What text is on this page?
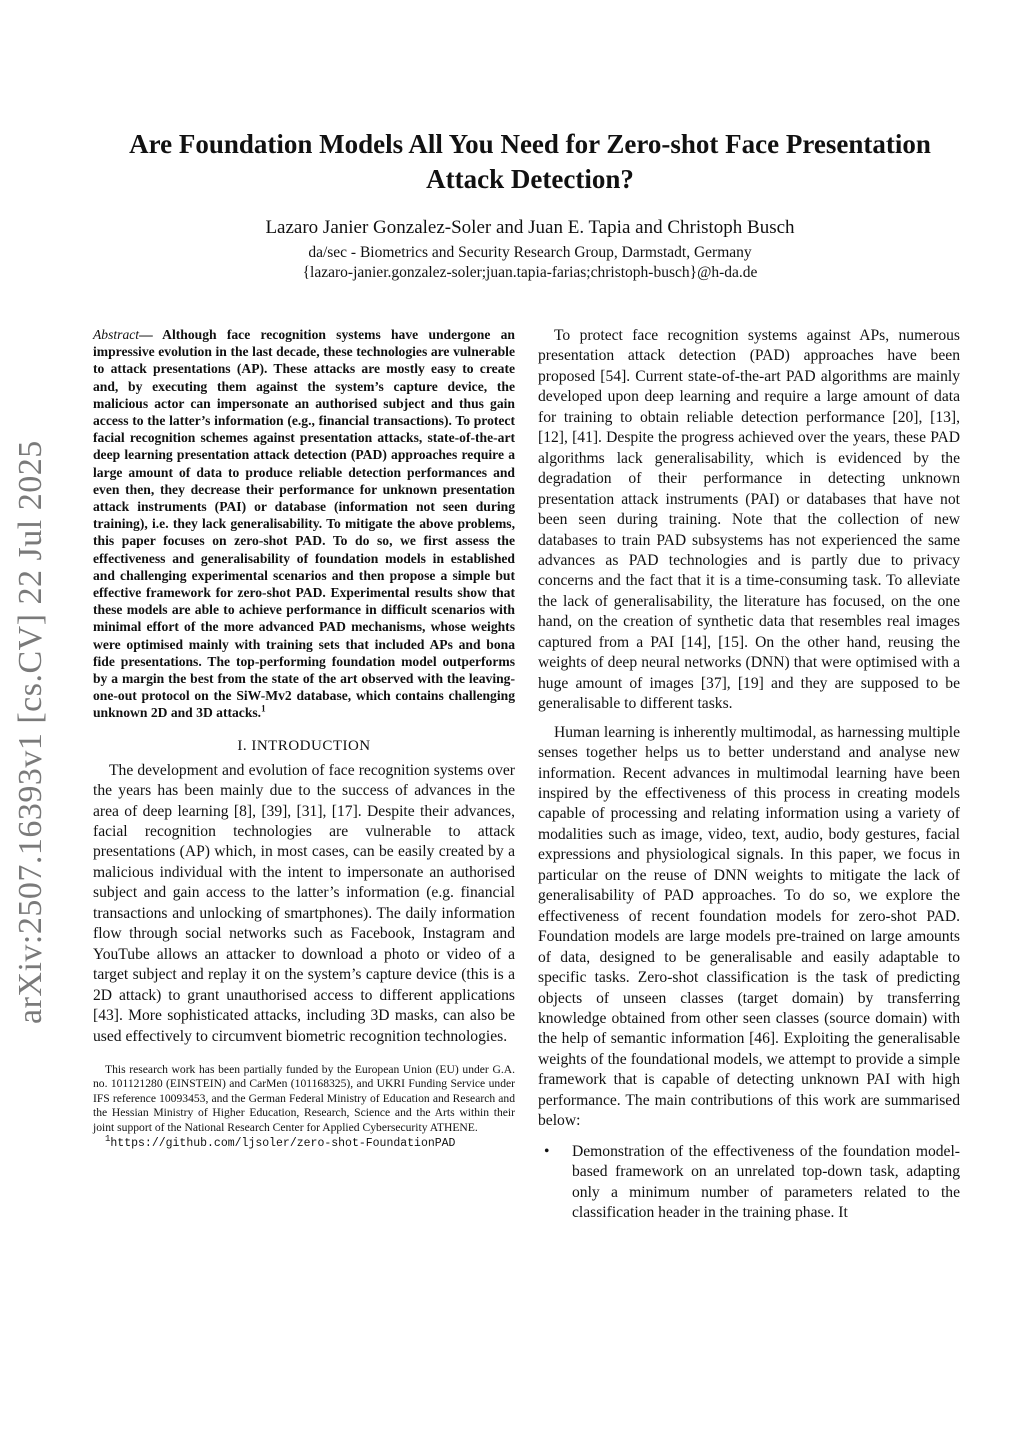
arXiv:2507.16393v1 [cs.CV] 22 Jul 2025
Are Foundation Models All You Need for Zero-shot Face Presentation Attack Detection?
Lazaro Janier Gonzalez-Soler and Juan E. Tapia and Christoph Busch
da/sec - Biometrics and Security Research Group, Darmstadt, Germany
{lazaro-janier.gonzalez-soler;juan.tapia-farias;christoph-busch}@h-da.de

Abstract— Although face recognition systems have undergone an impressive evolution in the last decade, these technologies are vulnerable to attack presentations (AP). These attacks are mostly easy to create and, by executing them against the system’s capture device, the malicious actor can impersonate an authorised subject and thus gain access to the latter’s information (e.g., financial transactions). To protect facial recognition schemes against presentation attacks, state-of-the-art deep learning presentation attack detection (PAD) approaches require a large amount of data to produce reliable detection performances and even then, they decrease their performance for unknown presentation attack instruments (PAI) or database (information not seen during training), i.e. they lack generalisability. To mitigate the above problems, this paper focuses on zero-shot PAD. To do so, we first assess the effectiveness and generalisability of foundation models in established and challenging experimental scenarios and then propose a simple but effective framework for zero-shot PAD. Experimental results show that these models are able to achieve performance in difficult scenarios with minimal effort of the more advanced PAD mechanisms, whose weights were optimised mainly with training sets that included APs and bona fide presentations. The top-performing foundation model outperforms by a margin the best from the state of the art observed with the leaving-one-out protocol on the SiW-Mv2 database, which contains challenging unknown 2D and 3D attacks.$^1$

I. INTRODUCTION

The development and evolution of face recognition systems over the years has been mainly due to the success of advances in the area of deep learning [8], [39], [31], [17]. Despite their advances, facial recognition technologies are vulnerable to attack presentations (AP) which, in most cases, can be easily created by a malicious individual with the intent to impersonate an authorised subject and gain access to the latter’s information (e.g. financial transactions and unlocking of smartphones). The daily information flow through social networks such as Facebook, Instagram and YouTube allows an attacker to download a photo or video of a target subject and replay it on the system’s capture device (this is a 2D attack) to grant unauthorised access to different applications [43]. More sophisticated attacks, including 3D masks, can also be used effectively to circumvent biometric recognition technologies.

This research work has been partially funded by the European Union (EU) under G.A. no. 101121280 (EINSTEIN) and CarMen (101168325), and UKRI Funding Service under IFS reference 10093453, and the German Federal Ministry of Education and Research and the Hessian Ministry of Higher Education, Research, Science and the Arts within their joint support of the National Research Center for Applied Cybersecurity ATHENE.

$^1$https://github.com/ljsoler/zero-shot-FoundationPAD

To protect face recognition systems against APs, numerous presentation attack detection (PAD) approaches have been proposed [54]. Current state-of-the-art PAD algorithms are mainly developed upon deep learning and require a large amount of data for training to obtain reliable detection performance [20], [13], [12], [41]. Despite the progress achieved over the years, these PAD algorithms lack generalisability, which is evidenced by the degradation of their performance in detecting unknown presentation attack instruments (PAI) or databases that have not been seen during training. Note that the collection of new databases to train PAD subsystems has not experienced the same advances as PAD technologies and is partly due to privacy concerns and the fact that it is a time-consuming task. To alleviate the lack of generalisability, the literature has focused, on the one hand, on the creation of synthetic data that resembles real images captured from a PAI [14], [15]. On the other hand, reusing the weights of deep neural networks (DNN) that were optimised with a huge amount of images [37], [19] and they are supposed to be generalisable to different tasks.

Human learning is inherently multimodal, as harnessing multiple senses together helps us to better understand and analyse new information. Recent advances in multimodal learning have been inspired by the effectiveness of this process in creating models capable of processing and relating information using a variety of modalities such as image, video, text, audio, body gestures, facial expressions and physiological signals. In this paper, we focus in particular on the reuse of DNN weights to mitigate the lack of generalisability of PAD approaches. To do so, we explore the effectiveness of recent foundation models for zero-shot PAD. Foundation models are large models pre-trained on large amounts of data, designed to be generalisable and easily adaptable to specific tasks. Zero-shot classification is the task of predicting objects of unseen classes (target domain) by transferring knowledge obtained from other seen classes (source domain) with the help of semantic information [46]. Exploiting the generalisable weights of the foundational models, we attempt to provide a simple framework that is capable of detecting unknown PAI with high performance. The main contributions of this work are summarised below:

• Demonstration of the effectiveness of the foundation model-based framework on an unrelated top-down task, adapting only a minimum number of parameters related to the classification header in the training phase. It
